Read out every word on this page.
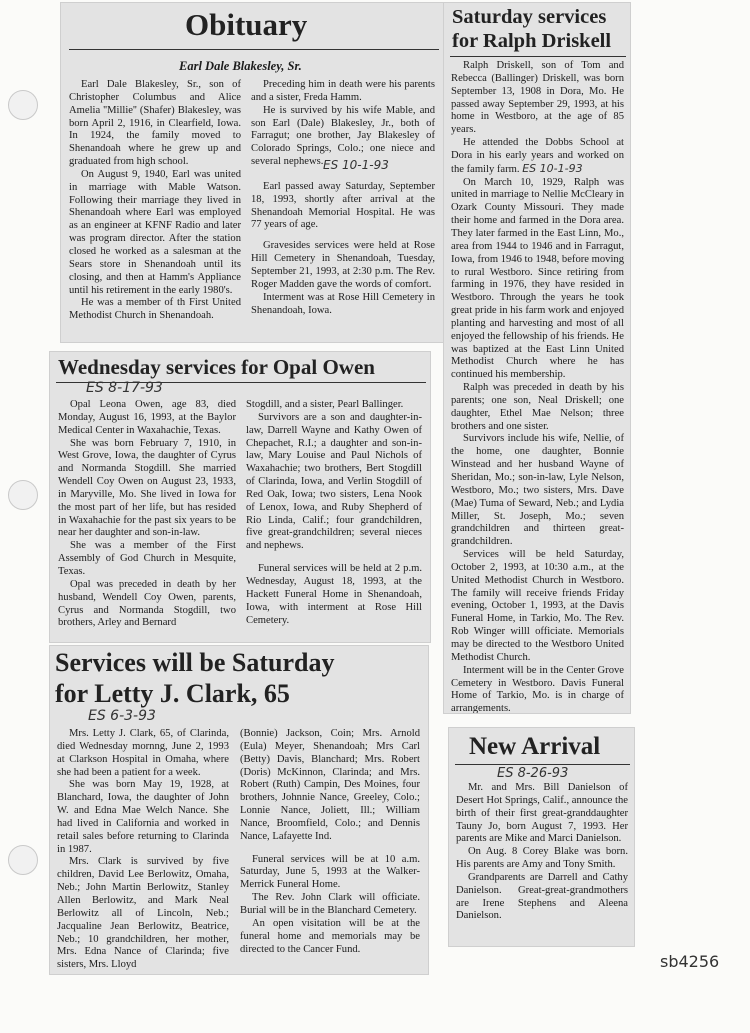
Obituary
Earl Dale Blakesley, Sr.

Earl Dale Blakesley, Sr., son of Christopher Columbus and Alice Amelia ''Millie'' (Shafer) Blakesley, was born April 2, 1916, in Clearfield, Iowa. In 1924, the family moved to Shenandoah where he grew up and graduated from high school.

On August 9, 1940, Earl was united in marriage with Mable Watson. Following their marriage they lived in Shenandoah where Earl was employed as an engineer at KFNF Radio and later was program director. After the station closed he worked as a salesman at the Sears store in Shenandoah until its closing, and then at Hamm's Appliance until his retirement in the early 1980's.

He was a member of th First United Methodist Church in Shenandoah.

Preceding him in death were his parents and a sister, Freda Hamm.

He is survived by his wife Mable, and son Earl (Dale) Blakesley, Jr., both of Farragut; one brother, Jay Blakesley of Colorado Springs, Colo.; one niece and several nephews. ES 10-1-93

Earl passed away Saturday, September 18, 1993, shortly after arrival at the Shenandoah Memorial Hospital. He was 77 years of age.

Gravesides services were held at Rose Hill Cemetery in Shenandoah, Tuesday, September 21, 1993, at 2:30 p.m. The Rev. Roger Madden gave the words of comfort.

Interment was at Rose Hill Cemetery in Shenandoah, Iowa.

Saturday services
for Ralph Driskell

Ralph Driskell, son of Tom and Rebecca (Ballinger) Driskell, was born September 13, 1908 in Dora, Mo. He passed away September 29, 1993, at his home in Westboro, at the age of 85 years.

He attended the Dobbs School at Dora in his early years and worked on the family farm. ES 10-1-93

On March 10, 1929, Ralph was united in marriage to Nellie McCleary in Ozark County Missouri. They made their home and farmed in the Dora area. They later farmed in the East Linn, Mo., area from 1944 to 1946 and in Farragut, Iowa, from 1946 to 1948, before moving to rural Westboro. Since retiring from farming in 1976, they have resided in Westboro. Through the years he took great pride in his farm work and enjoyed planting and harvesting and most of all enjoyed the fellowship of his friends. He was baptized at the East Linn United Methodist Church where he has continued his membership.

Ralph was preceded in death by his parents; one son, Neal Driskell; one daughter, Ethel Mae Nelson; three brothers and one sister.

Survivors include his wife, Nellie, of the home, one daughter, Bonnie Winstead and her husband Wayne of Sheridan, Mo.; son-in-law, Lyle Nelson, Westboro, Mo.; two sisters, Mrs. Dave (Mae) Tuma of Seward, Neb.; and Lydia Miller, St. Joseph, Mo.; seven grandchildren and thirteen great-grandchildren.

Services will be held Saturday, October 2, 1993, at 10:30 a.m., at the United Methodist Church in Westboro. The family will receive friends Friday evening, October 1, 1993, at the Davis Funeral Home, in Tarkio, Mo. The Rev. Rob Winger willl officiate. Memorials may be directed to the Westboro United Methodist Church.

Interment will be in the Center Grove Cemetery in Westboro. Davis Funeral Home of Tarkio, Mo. is in charge of arrangements.

Wednesday services for Opal Owen
ES 8-17-93

Opal Leona Owen, age 83, died Monday, August 16, 1993, at the Baylor Medical Center in Waxahachie, Texas.

She was born February 7, 1910, in West Grove, Iowa, the daughter of Cyrus and Normanda Stogdill. She married Wendell Coy Owen on August 23, 1933, in Maryville, Mo. She lived in Iowa for the most part of her life, but has resided in Waxahachie for the past six years to be near her daughter and son-in-law.

She was a member of the First Assembly of God Church in Mesquite, Texas.

Opal was preceded in death by her husband, Wendell Coy Owen, parents, Cyrus and Normanda Stogdill, two brothers, Arley and Bernard

Stogdill, and a sister, Pearl Ballinger.

Survivors are a son and daughter-in-law, Darrell Wayne and Kathy Owen of Chepachet, R.I.; a daughter and son-in-law, Mary Louise and Paul Nichols of Waxahachie; two brothers, Bert Stogdill of Clarinda, Iowa, and Verlin Stogdill of Red Oak, Iowa; two sisters, Lena Nook of Lenox, Iowa, and Ruby Shepherd of Rio Linda, Calif.; four grandchildren, five great-grandchildren; several nieces and nephews.

Funeral services will be held at 2 p.m. Wednesday, August 18, 1993, at the Hackett Funeral Home in Shenandoah, Iowa, with interment at Rose Hill Cemetery.

Services will be Saturday
for Letty J. Clark, 65
ES 6-3-93

Mrs. Letty J. Clark, 65, of Clarinda, died Wednesday mornng, June 2, 1993 at Clarkson Hospital in Omaha, where she had been a patient for a week.

She was born May 19, 1928, at Blanchard, Iowa, the daughter of John W. and Edna Mae Welch Nance. She had lived in California and worked in retail sales before returning to Clarinda in 1987.

Mrs. Clark is survived by five children, David Lee Berlowitz, Omaha, Neb.; John Martin Berlowitz, Stanley Allen Berlowitz, and Mark Neal Berlowitz all of Lincoln, Neb.; Jacqualine Jean Berlowitz, Beatrice, Neb.; 10 grandchildren, her mother, Mrs. Edna Nance of Clarinda; five sisters, Mrs. Lloyd

(Bonnie) Jackson, Coin; Mrs. Arnold (Eula) Meyer, Shenandoah; Mrs Carl (Betty) Davis, Blanchard; Mrs. Robert (Doris) McKinnon, Clarinda; and Mrs. Robert (Ruth) Campin, Des Moines, four brothers, Johnnie Nance, Greeley, Colo.; Lonnie Nance, Joliett, Ill.; William Nance, Broomfield, Colo.; and Dennis Nance, Lafayette Ind.

Funeral services will be at 10 a.m. Saturday, June 5, 1993 at the Walker-Merrick Funeral Home.

The Rev. John Clark will officiate. Burial will be in the Blanchard Cemetery.

An open visitation will be at the funeral home and memorials may be directed to the Cancer Fund.

New Arrival
ES 8-26-93

Mr. and Mrs. Bill Danielson of Desert Hot Springs, Calif., announce the birth of their first great-granddaughter Tauny Jo, born August 7, 1993. Her parents are Mike and Marci Danielson.

On Aug. 8 Corey Blake was born. His parents are Amy and Tony Smith.

Grandparents are Darrell and Cathy Danielson. Great-great-grandmothers are Irene Stephens and Aleena Danielson.

sb4256
